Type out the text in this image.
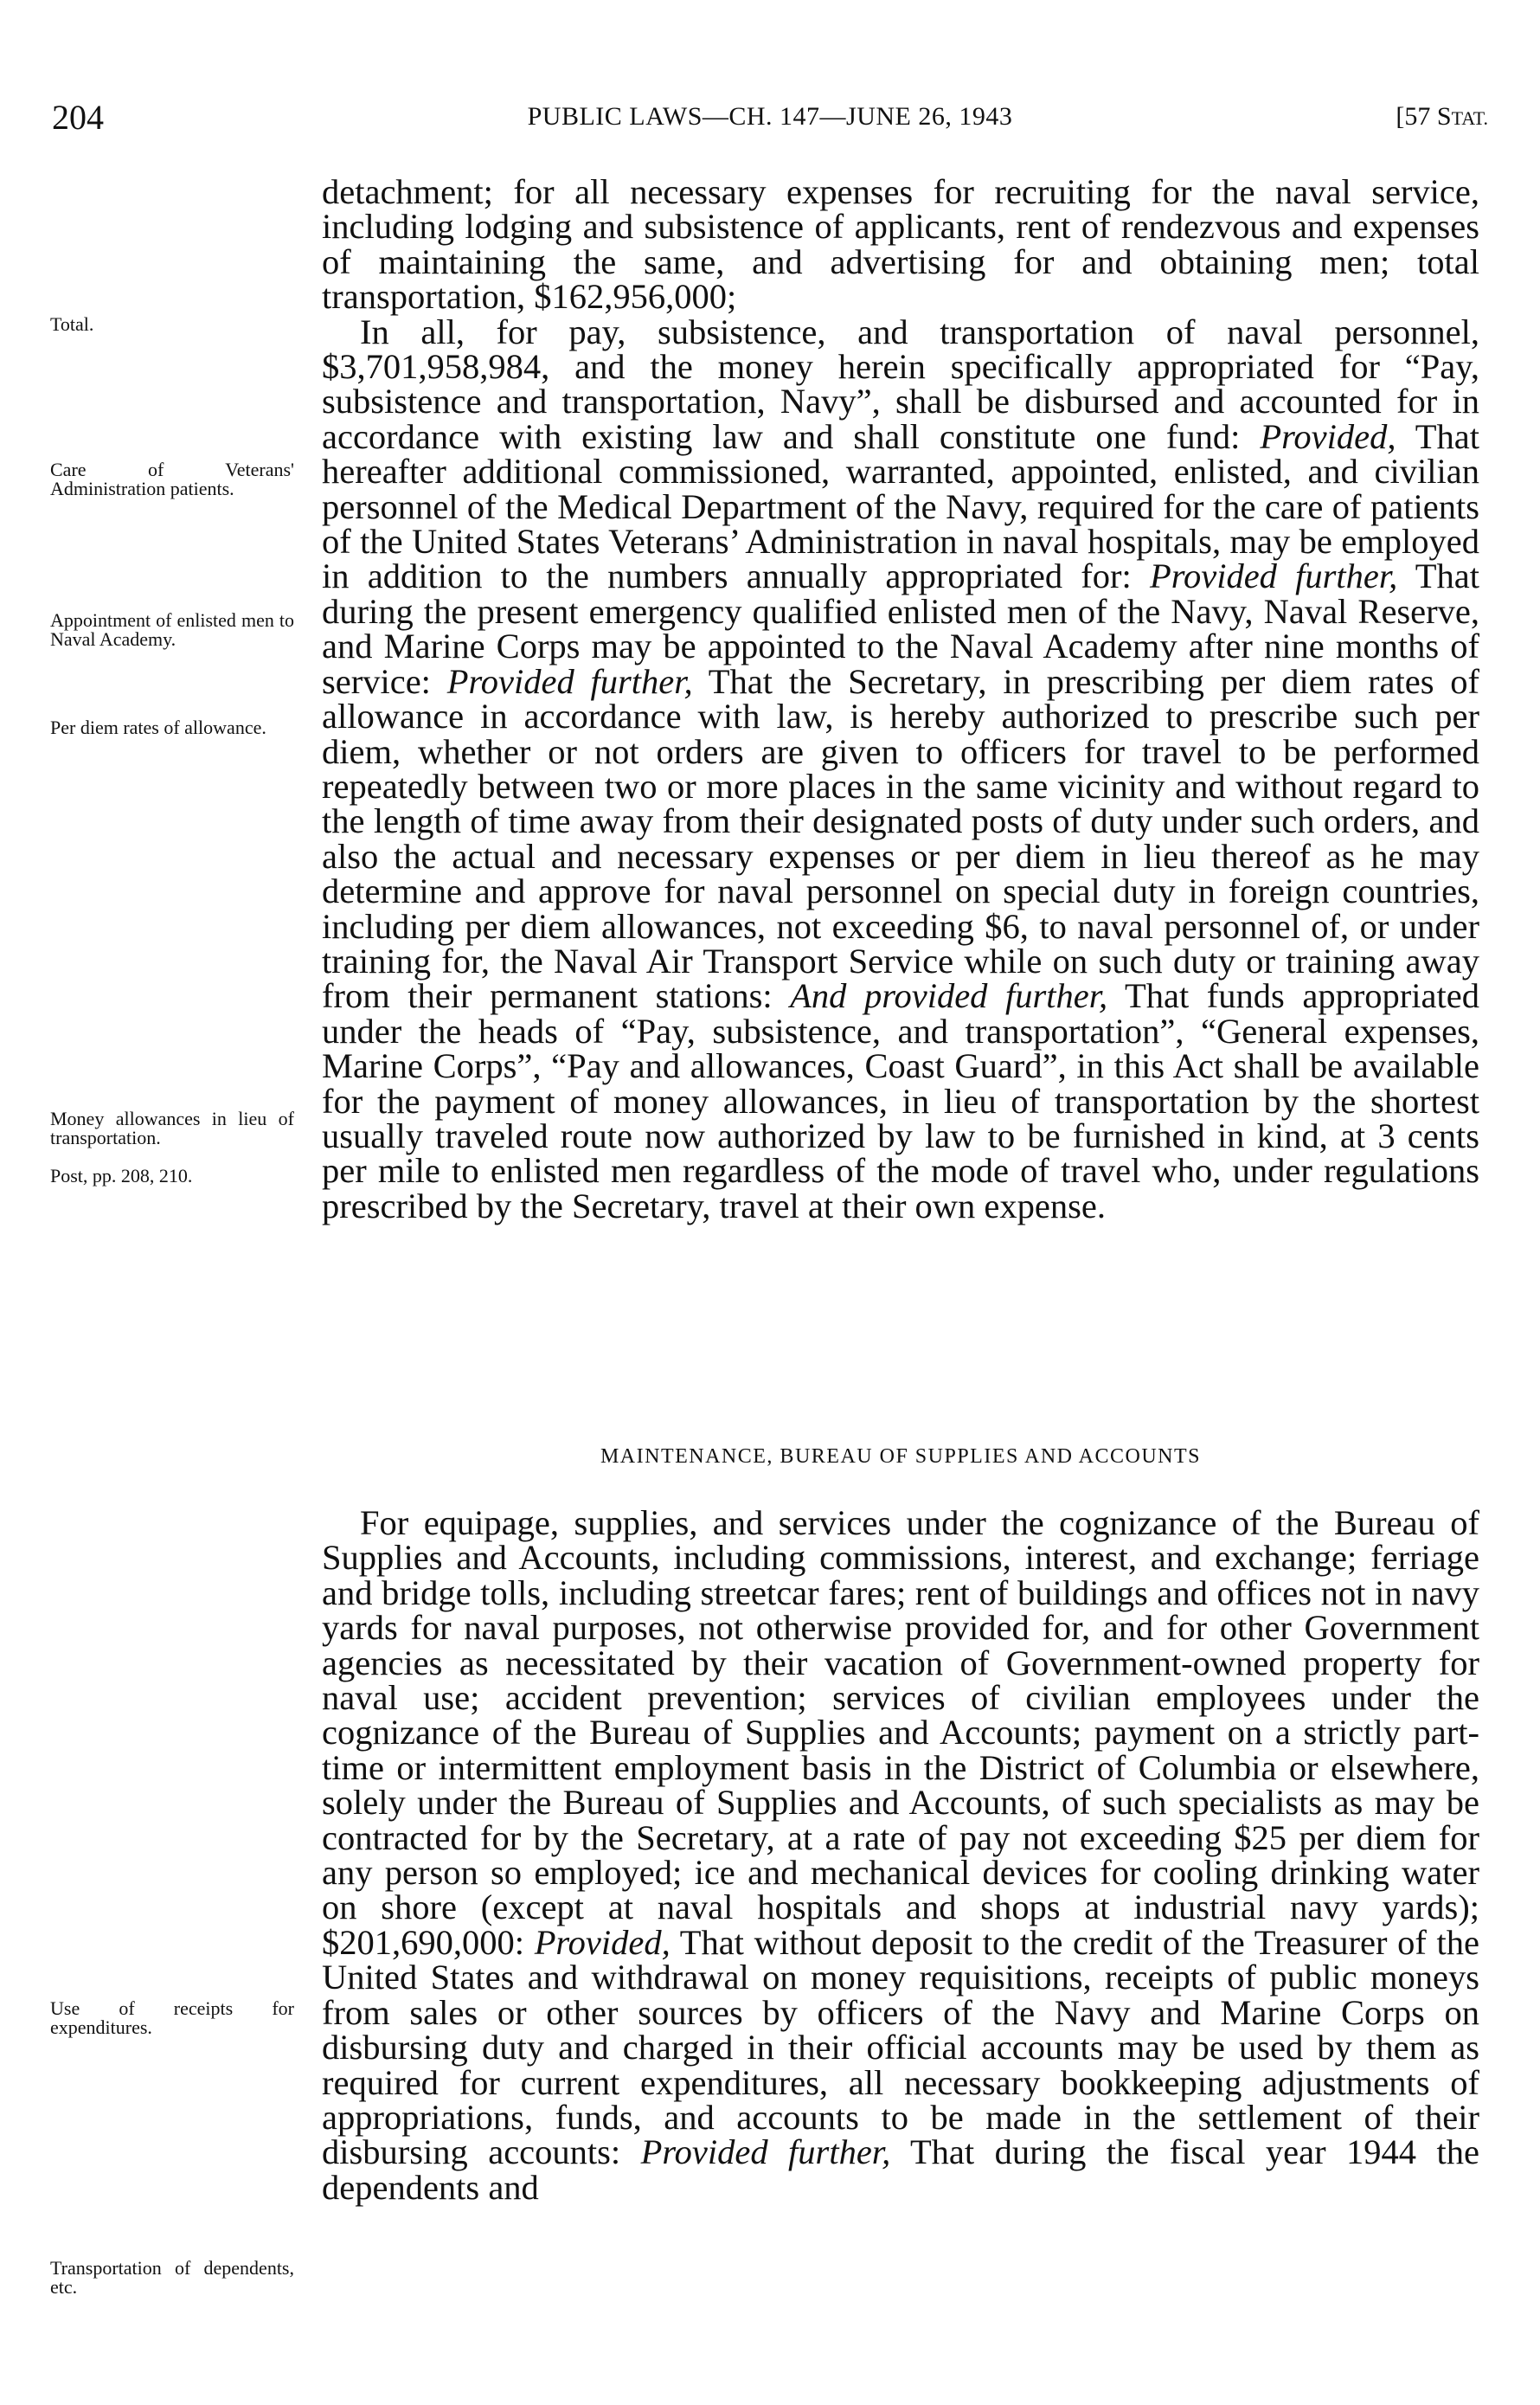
204	PUBLIC LAWS—CH. 147—JUNE 26, 1943	[57 STAT.
Total.
Care of Veterans' Administration patients.
Appointment of enlisted men to Naval Academy.
Per diem rates of allowance.
Money allowances in lieu of transportation.
Post, pp. 208, 210.
Use of receipts for expenditures.
Transportation of dependents, etc.

detachment; for all necessary expenses for recruiting for the naval service, including lodging and subsistence of applicants, rent of rendezvous and expenses of maintaining the same, and advertising for and obtaining men; total transportation, $162,956,000;

In all, for pay, subsistence, and transportation of naval personnel, $3,701,958,984, and the money herein specifically appropriated for “Pay, subsistence and transportation, Navy”, shall be disbursed and accounted for in accordance with existing law and shall constitute one fund: Provided, That hereafter additional commissioned, warranted, appointed, enlisted, and civilian personnel of the Medical Department of the Navy, required for the care of patients of the United States Veterans’ Administration in naval hospitals, may be employed in addition to the numbers annually appropriated for: Provided further, That during the present emergency qualified enlisted men of the Navy, Naval Reserve, and Marine Corps may be appointed to the Naval Academy after nine months of service: Provided further, That the Secretary, in prescribing per diem rates of allowance in accordance with law, is hereby authorized to prescribe such per diem, whether or not orders are given to officers for travel to be performed repeatedly between two or more places in the same vicinity and without regard to the length of time away from their designated posts of duty under such orders, and also the actual and necessary expenses or per diem in lieu thereof as he may determine and approve for naval personnel on special duty in foreign countries, including per diem allowances, not exceeding $6, to naval personnel of, or under training for, the Naval Air Transport Service while on such duty or training away from their permanent stations: And provided further, That funds appropriated under the heads of “Pay, subsistence, and transportation”, “General expenses, Marine Corps”, “Pay and allowances, Coast Guard”, in this Act shall be available for the payment of money allowances, in lieu of transportation by the shortest usually traveled route now authorized by law to be furnished in kind, at 3 cents per mile to enlisted men regardless of the mode of travel who, under regulations prescribed by the Secretary, travel at their own expense.

MAINTENANCE, BUREAU OF SUPPLIES AND ACCOUNTS

For equipage, supplies, and services under the cognizance of the Bureau of Supplies and Accounts, including commissions, interest, and exchange; ferriage and bridge tolls, including streetcar fares; rent of buildings and offices not in navy yards for naval purposes, not otherwise provided for, and for other Government agencies as necessitated by their vacation of Government-owned property for naval use; accident prevention; services of civilian employees under the cognizance of the Bureau of Supplies and Accounts; payment on a strictly part-time or intermittent employment basis in the District of Columbia or elsewhere, solely under the Bureau of Supplies and Accounts, of such specialists as may be contracted for by the Secretary, at a rate of pay not exceeding $25 per diem for any person so employed; ice and mechanical devices for cooling drinking water on shore (except at naval hospitals and shops at industrial navy yards); $201,690,000: Provided, That without deposit to the credit of the Treasurer of the United States and withdrawal on money requisitions, receipts of public moneys from sales or other sources by officers of the Navy and Marine Corps on disbursing duty and charged in their official accounts may be used by them as required for current expenditures, all necessary bookkeeping adjustments of appropriations, funds, and accounts to be made in the settlement of their disbursing accounts: Provided further, That during the fiscal year 1944 the dependents and
